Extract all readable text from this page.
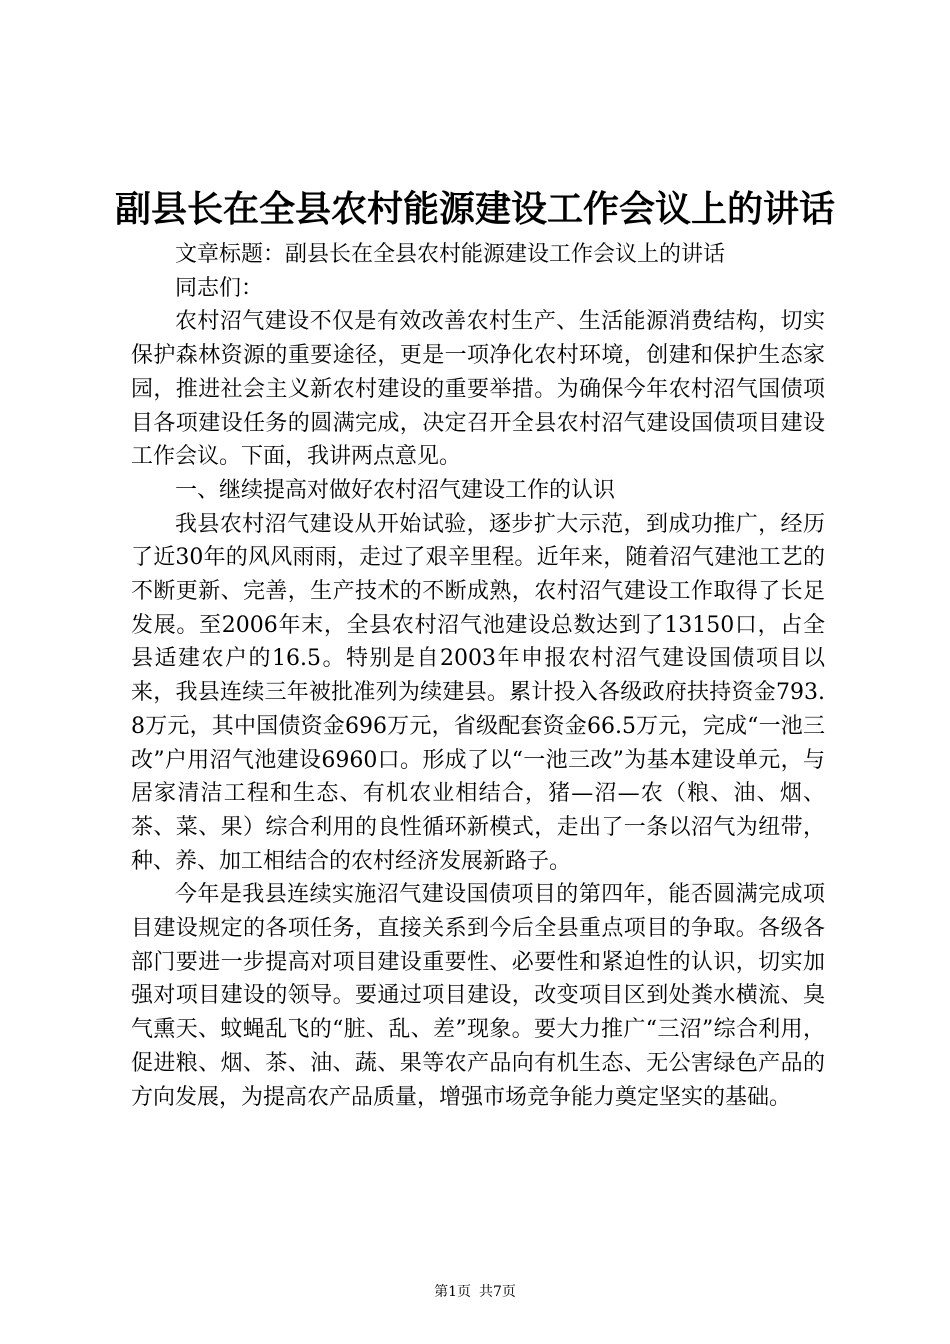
副县长在全县农村能源建设工作会议上的讲话

文章标题：副县长在全县农村能源建设工作会议上的讲话

同志们：

农村沼气建设不仅是有效改善农村生产、生活能源消费结构，切实保护森林资源的重要途径，更是一项净化农村环境，创建和保护生态家园，推进社会主义新农村建设的重要举措。为确保今年农村沼气国债项目各项建设任务的圆满完成，决定召开全县农村沼气建设国债项目建设工作会议。下面，我讲两点意见。

一、继续提高对做好农村沼气建设工作的认识

我县农村沼气建设从开始试验，逐步扩大示范，到成功推广，经历了近30年的风风雨雨，走过了艰辛里程。近年来，随着沼气建池工艺的不断更新、完善，生产技术的不断成熟，农村沼气建设工作取得了长足发展。至2006年末，全县农村沼气池建设总数达到了13150口，占全县适建农户的16.5。特别是自2003年申报农村沼气建设国债项目以来，我县连续三年被批准列为续建县。累计投入各级政府扶持资金793.8万元，其中国债资金696万元，省级配套资金66.5万元，完成“一池三改”户用沼气池建设6960口。形成了以“一池三改”为基本建设单元，与居家清洁工程和生态、有机农业相结合，猪—沼—农（粮、油、烟、茶、菜、果）综合利用的良性循环新模式，走出了一条以沼气为纽带，种、养、加工相结合的农村经济发展新路子。

今年是我县连续实施沼气建设国债项目的第四年，能否圆满完成项目建设规定的各项任务，直接关系到今后全县重点项目的争取。各级各部门要进一步提高对项目建设重要性、必要性和紧迫性的认识，切实加强对项目建设的领导。要通过项目建设，改变项目区到处粪水横流、臭气熏天、蚊蝇乱飞的“脏、乱、差”现象。要大力推广“三沼”综合利用，促进粮、烟、茶、油、蔬、果等农产品向有机生态、无公害绿色产品的方向发展，为提高农产品质量，增强市场竞争能力奠定坚实的基础。

第1页 共7页
